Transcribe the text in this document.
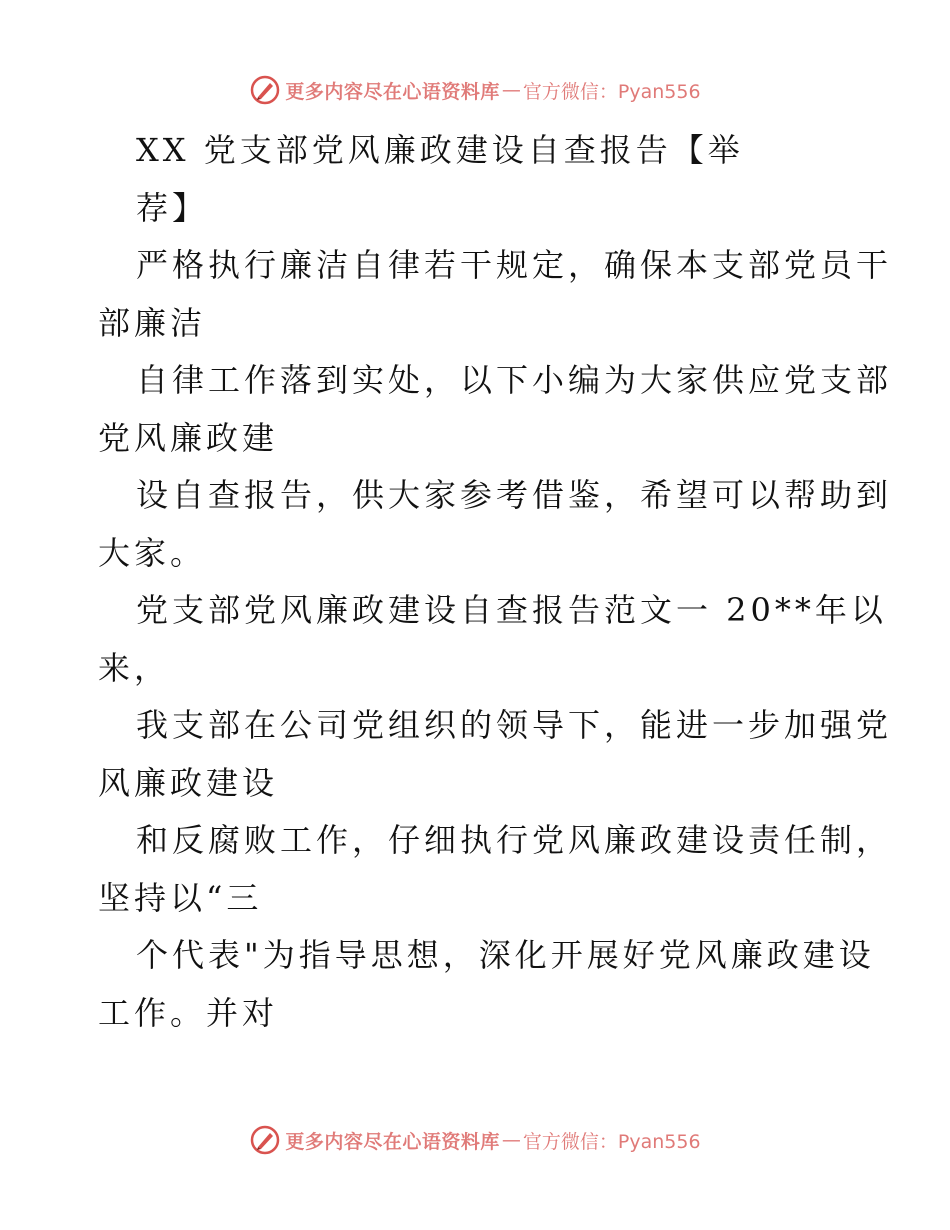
更多内容尽在心语资料库 — 官方微信：Pyan556
XX 党支部党风廉政建设自查报告【举
荐】
严格执行廉洁自律若干规定，确保本支部党员干
部廉洁
自律工作落到实处，以下小编为大家供应党支部
党风廉政建
设自查报告，供大家参考借鉴，希望可以帮助到
大家。
党支部党风廉政建设自查报告范文一 20**年以
来，
我支部在公司党组织的领导下，能进一步加强党
风廉政建设
和反腐败工作，仔细执行党风廉政建设责任制，
坚持以“三
个代表"为指导思想，深化开展好党风廉政建设
工作。并对
更多内容尽在心语资料库 — 官方微信：Pyan556
